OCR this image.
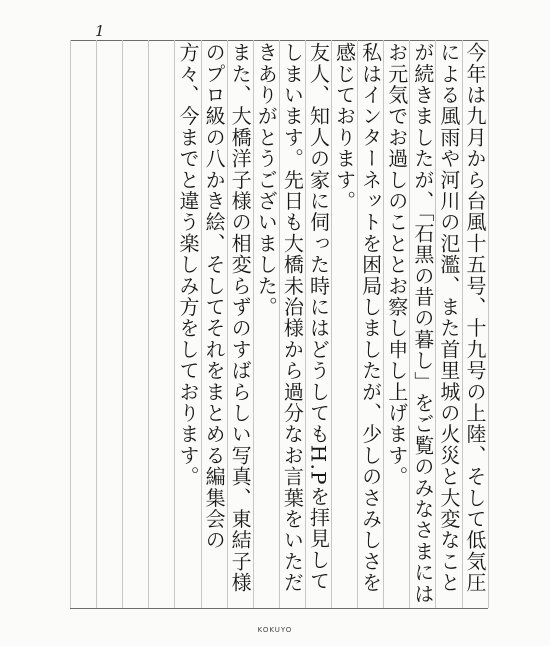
1

今年は九月から台風十五号、十九号の上陸、そして低気圧による風雨や河川の氾濫、また首里城の火災と大変なことが続きましたが、「石黒の昔の暮し」をご覧のみなさまにはお元気でお過しのこととお察し申し上げます。

私はインターネットを困局しましたが、少しのさみしさを感じております。

友人、知人の家に伺った時にはどうしてもH.Pを拝見してしまいます。先日も大橋未治様から過分なお言葉をいただきありがとうございました。

また、大橋洋子様の相変らずのすばらしい写真、東結子様のプロ級の八かき絵、そしてそれをまとめる編集会の方々、今までと違う楽しみ方をしております。

KOKUYO
